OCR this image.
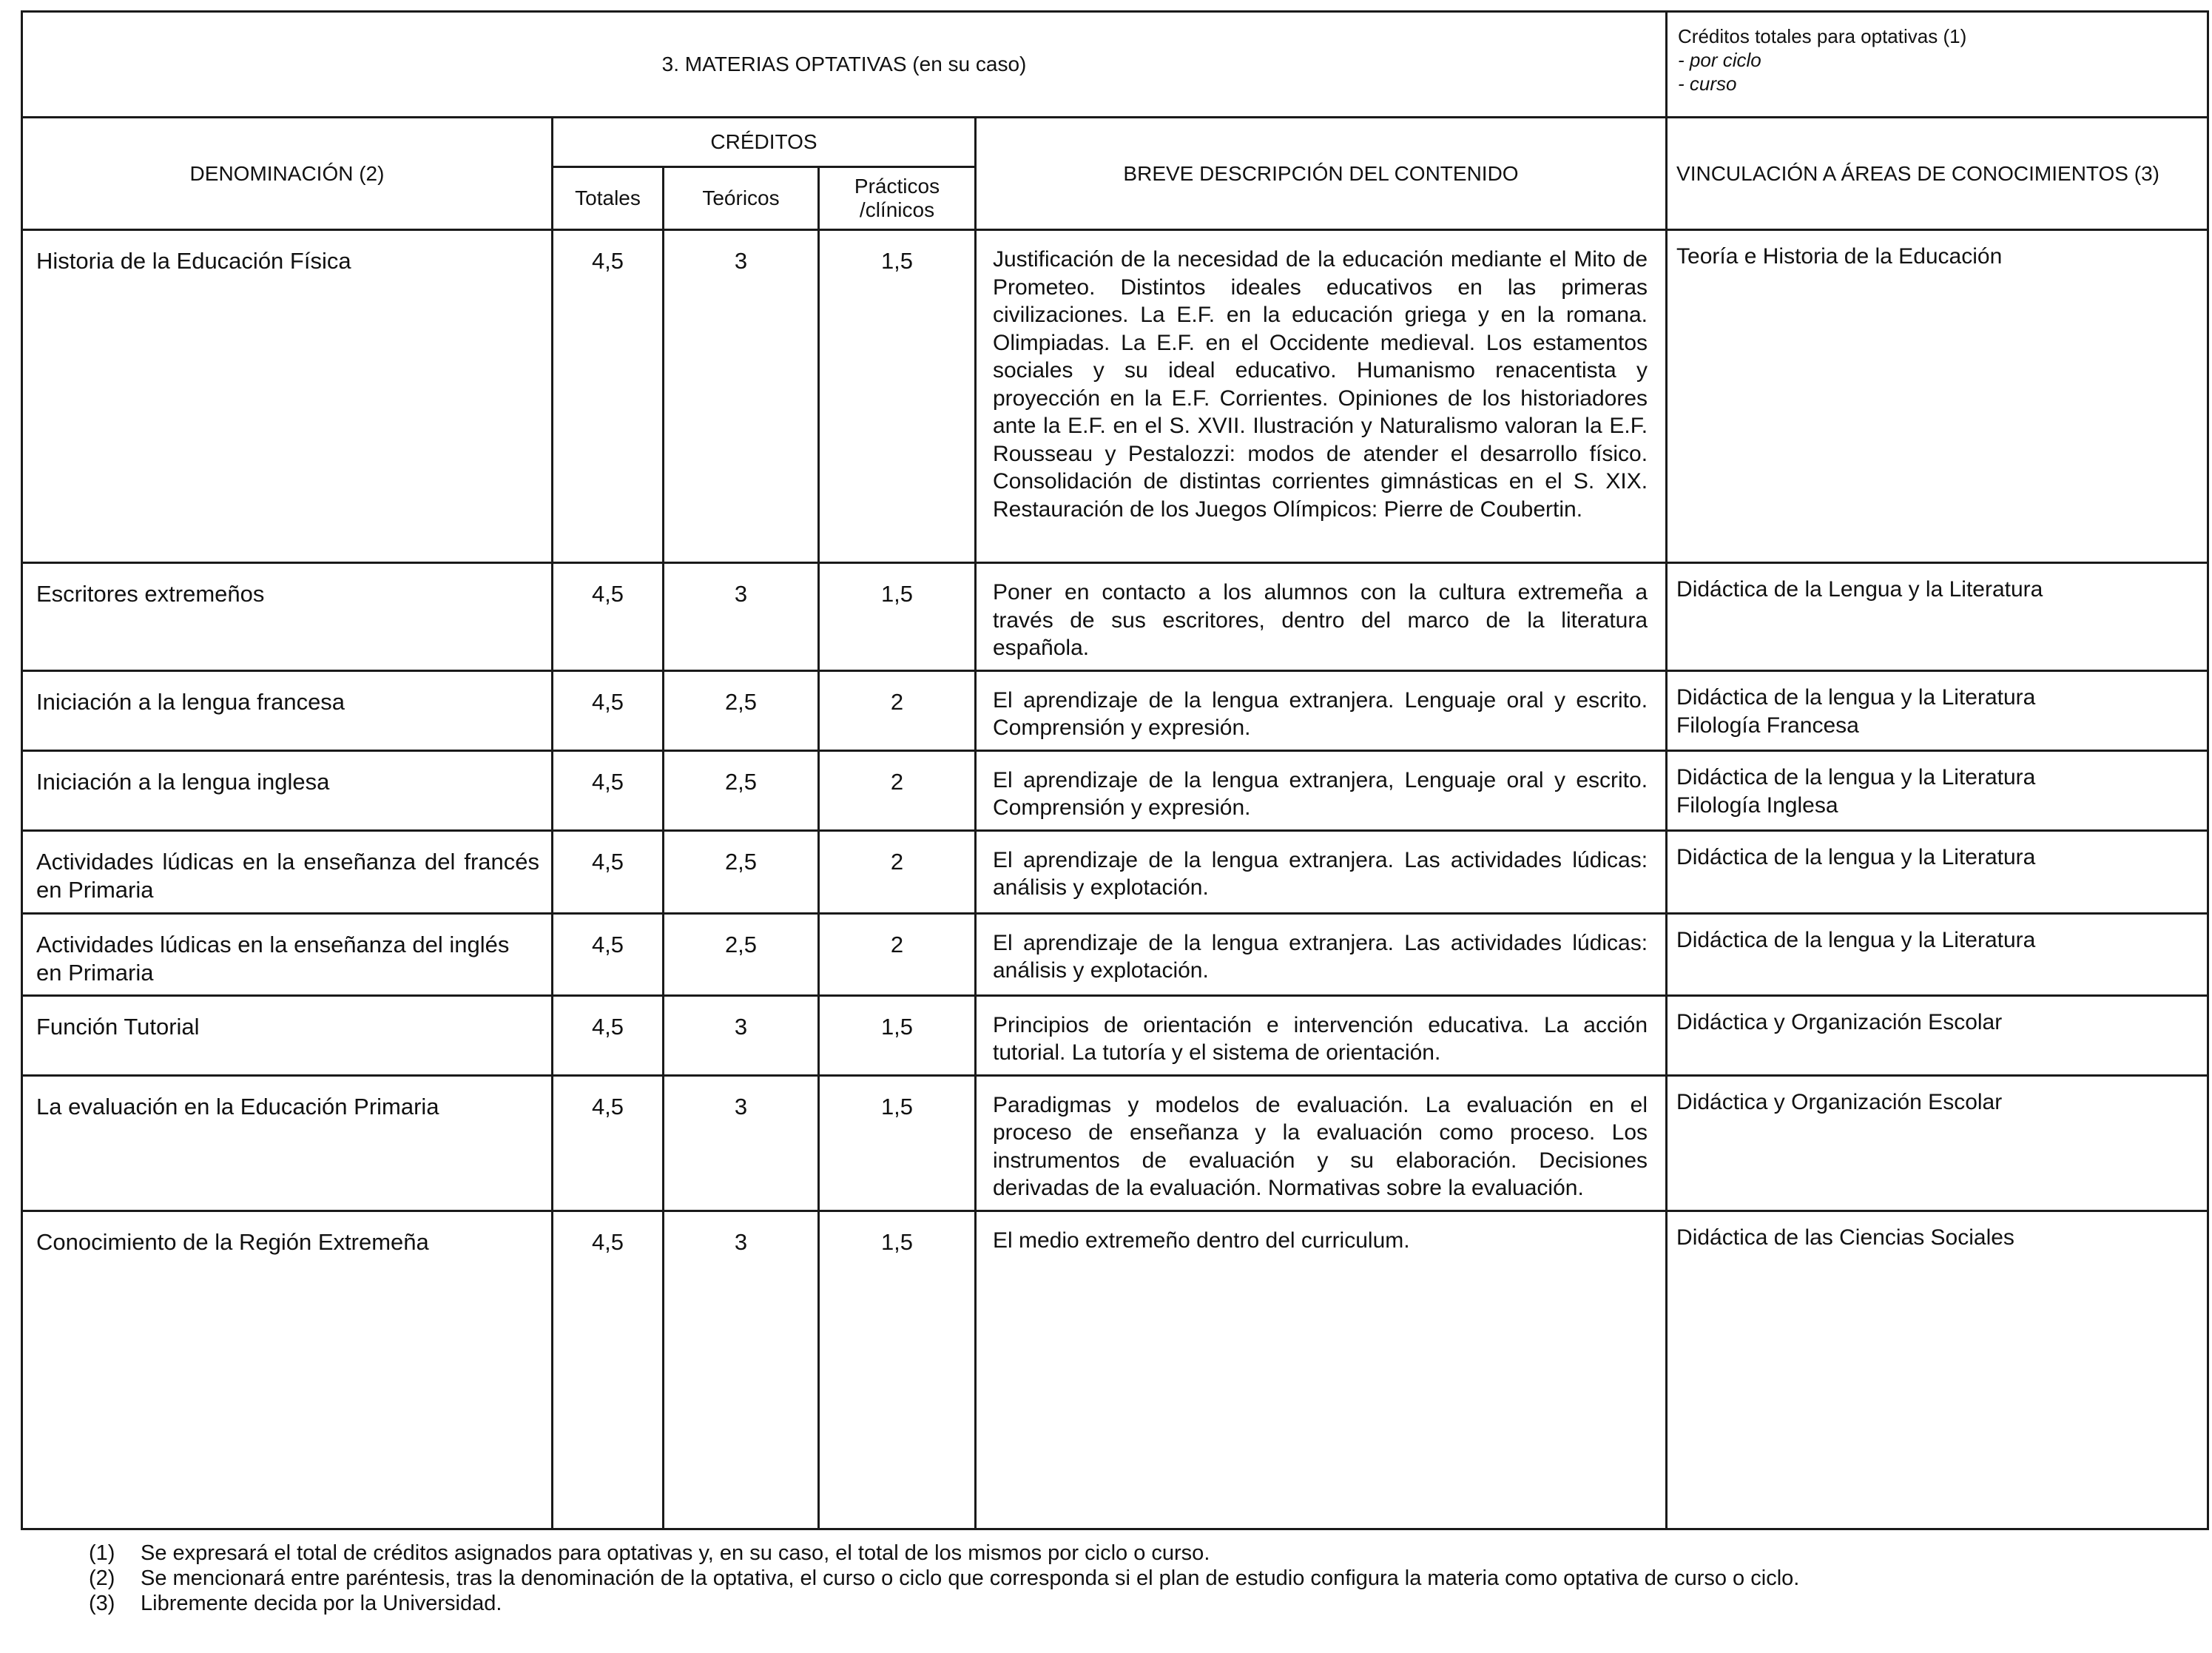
3. MATERIAS OPTATIVAS (en su caso)					Créditos totales para optativas (1)
- por ciclo
- curso

DENOMINACIÓN (2)	CRÉDITOS			BREVE DESCRIPCIÓN DEL CONTENIDO	VINCULACIÓN A ÁREAS DE CONOCIMIENTOS (3)
	Totales	Teóricos	Prácticos /clínicos		
Historia de la Educación Física	4,5	3	1,5	Justificación de la necesidad de la educación mediante el Mito de Prometeo. Distintos ideales educativos en las primeras civilizaciones. La E.F. en la educación griega y en la romana. Olimpiadas. La E.F. en el Occidente medieval. Los estamentos sociales y su ideal educativo. Humanismo renacentista y proyección en la E.F. Corrientes. Opiniones de los historiadores ante la E.F. en el S. XVII. Ilustración y Naturalismo valoran la E.F. Rousseau y Pestalozzi: modos de atender el desarrollo físico. Consolidación de distintas corrientes gimnásticas en el S. XIX. Restauración de los Juegos Olímpicos: Pierre de Coubertin.	Teoría e Historia de la Educación

Escritores extremeños	4,5	3	1,5	Poner en contacto a los alumnos con la cultura extremeña a través de sus escritores, dentro del marco de la literatura española.	Didáctica de la Lengua y la Literatura

Iniciación a la lengua francesa	4,5	2,5	2	El aprendizaje de la lengua extranjera. Lenguaje oral y escrito. Comprensión y expresión.	Didáctica de la lengua y la Literatura
Filología Francesa

Iniciación a la lengua inglesa	4,5	2,5	2	El aprendizaje de la lengua extranjera, Lenguaje oral y escrito. Comprensión y expresión.	Didáctica de la lengua y la Literatura
Filología Inglesa

Actividades lúdicas en la enseñanza del francés en Primaria	4,5	2,5	2	El aprendizaje de la lengua extranjera. Las actividades lúdicas: análisis y explotación.	Didáctica de la lengua y la Literatura

Actividades lúdicas en la enseñanza del inglés en Primaria	4,5	2,5	2	El aprendizaje de la lengua extranjera. Las actividades lúdicas: análisis y explotación.	Didáctica de la lengua y la Literatura

Función Tutorial	4,5	3	1,5	Principios de orientación e intervención educativa. La acción tutorial. La tutoría y el sistema de orientación.	Didáctica y Organización Escolar

La evaluación en la Educación Primaria	4,5	3	1,5	Paradigmas y modelos de evaluación. La evaluación en el proceso de enseñanza y la evaluación como proceso. Los instrumentos de evaluación y su elaboración. Decisiones derivadas de la evaluación. Normativas sobre la evaluación.	Didáctica y Organización Escolar

Conocimiento de la Región Extremeña	4,5	3	1,5	El medio extremeño dentro del curriculum.	Didáctica de las Ciencias Sociales
(1) Se expresará el total de créditos asignados para optativas y, en su caso, el total de los mismos por ciclo o curso.
(2) Se mencionará entre paréntesis, tras la denominación de la optativa, el curso o ciclo que corresponda si el plan de estudio configura la materia como optativa de curso o ciclo.
(3) Libremente decida por la Universidad.
